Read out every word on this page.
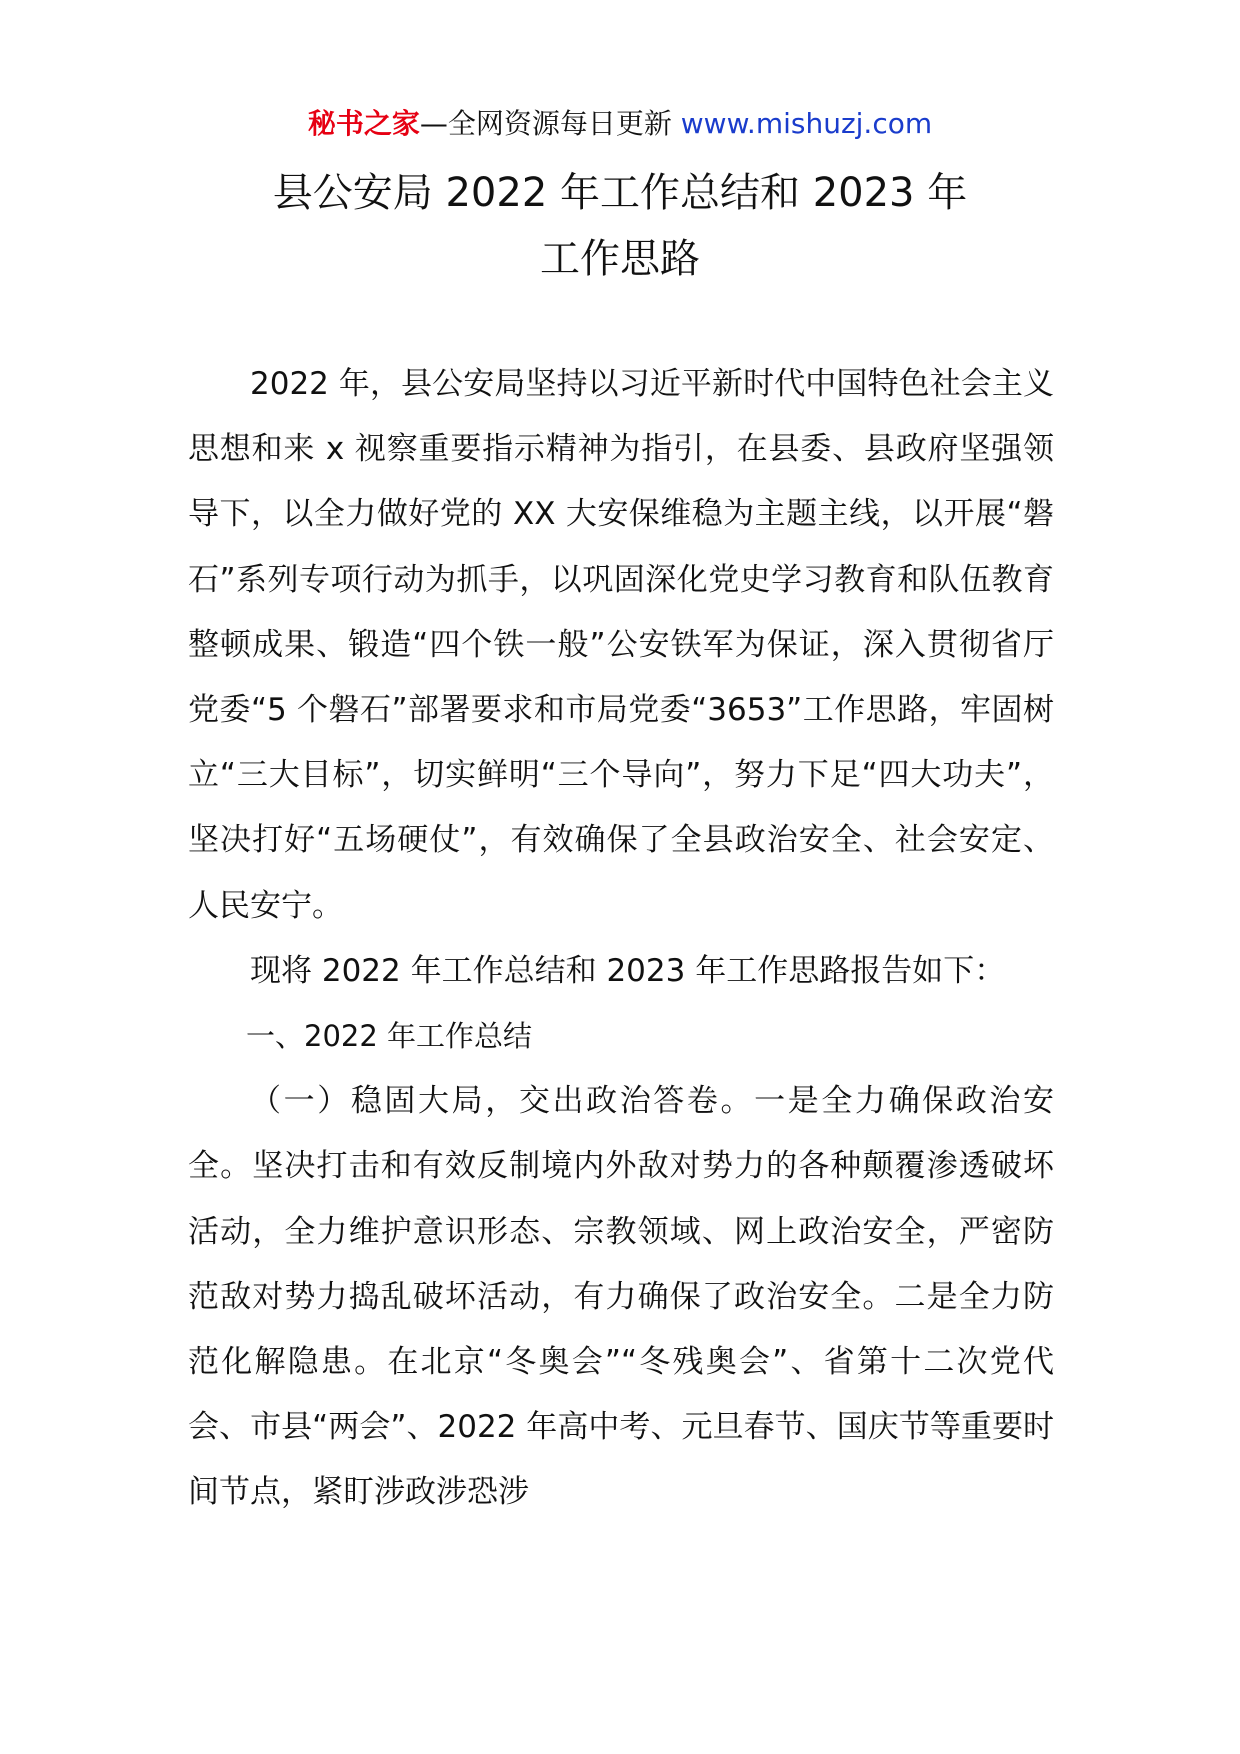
秘书之家—全网资源每日更新 www.mishuzj.com
县公安局 2022 年工作总结和 2023 年
工作思路

2022 年，县公安局坚持以习近平新时代中国特色社会主义思想和来 x 视察重要指示精神为指引，在县委、县政府坚强领导下，以全力做好党的 XX 大安保维稳为主题主线，以开展“磐石”系列专项行动为抓手，以巩固深化党史学习教育和队伍教育整顿成果、锻造“四个铁一般”公安铁军为保证，深入贯彻省厅党委“5 个磐石”部署要求和市局党委“3653”工作思路，牢固树立“三大目标”，切实鲜明“三个导向”，努力下足“四大功夫”，坚决打好“五场硬仗”，有效确保了全县政治安全、社会安定、人民安宁。

现将 2022 年工作总结和 2023 年工作思路报告如下：

一、2022 年工作总结

（一）稳固大局，交出政治答卷。一是全力确保政治安全。坚决打击和有效反制境内外敌对势力的各种颠覆渗透破坏活动，全力维护意识形态、宗教领域、网上政治安全，严密防范敌对势力捣乱破坏活动，有力确保了政治安全。二是全力防范化解隐患。在北京“冬奥会”“冬残奥会”、省第十二次党代会、市县“两会”、2022 年高中考、元旦春节、国庆节等重要时间节点，紧盯涉政涉恐涉
